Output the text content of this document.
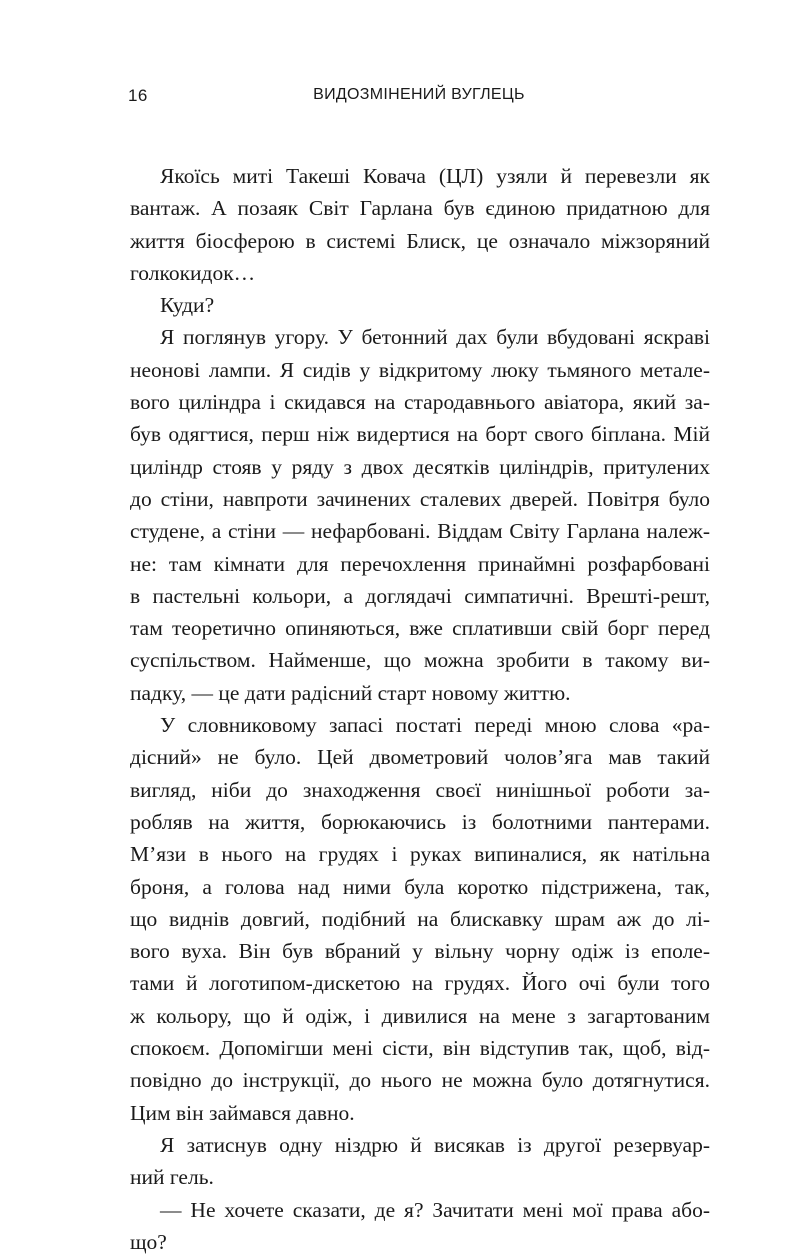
16	ВИДОЗМІНЕНИЙ ВУГЛЕЦЬ
Якоїсь миті Такеші Ковача (ЦЛ) узяли й перевезли як
вантаж. А позаяк Світ Гарлана був єдиною придатною для
життя біосферою в системі Блиск, це означало міжзоряний
голкокидок…
Куди?
Я поглянув угору. У бетонний дах були вбудовані яскраві
неонові лампи. Я сидів у відкритому люку тьмяного метале-
вого циліндра і скидався на стародавнього авіатора, який за-
був одягтися, перш ніж видертися на борт свого біплана. Мій
циліндр стояв у ряду з двох десятків циліндрів, притулених
до стіни, навпроти зачинених сталевих дверей. Повітря було
студене, а стіни — нефарбовані. Віддам Світу Гарлана належ-
не: там кімнати для перечохлення принаймні розфарбовані
в пастельні кольори, а доглядачі симпатичні. Врешті-решт,
там теоретично опиняються, вже сплативши свій борг перед
суспільством. Найменше, що можна зробити в такому ви-
падку, — це дати радісний старт новому життю.
У словниковому запасі постаті переді мною слова «ра-
дісний» не було. Цей двометровий чолов’яга мав такий
вигляд, ніби до знаходження своєї нинішньої роботи за-
робляв на життя, борюкаючись із болотними пантерами.
М’язи в нього на грудях і руках випиналися, як натільна
броня, а голова над ними була коротко підстрижена, так,
що виднів довгий, подібний на блискавку шрам аж до лі-
вого вуха. Він був вбраний у вільну чорну одіж із еполе-
тами й логотипом-дискетою на грудях. Його очі були того
ж кольору, що й одіж, і дивилися на мене з загартованим
спокоєм. Допомігши мені сісти, він відступив так, щоб, від-
повідно до інструкції, до нього не можна було дотягнутися.
Цим він займався давно.
Я затиснув одну ніздрю й висякав із другої резервуар-
ний гель.
— Не хочете сказати, де я? Зачитати мені мої права або-
що?
